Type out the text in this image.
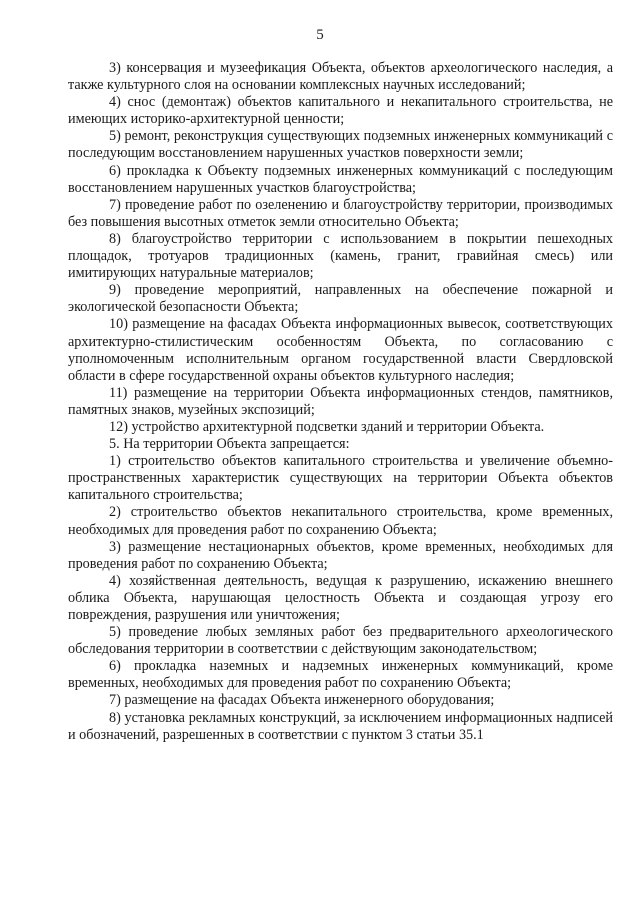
5

3) консервация и музеефикация Объекта, объектов археологического наследия, а также культурного слоя на основании комплексных научных исследований;

4) снос (демонтаж) объектов капитального и некапитального строительства, не имеющих историко-архитектурной ценности;

5) ремонт, реконструкция существующих подземных инженерных коммуникаций с последующим восстановлением нарушенных участков поверхности земли;

6) прокладка к Объекту подземных инженерных коммуникаций с последующим восстановлением нарушенных участков благоустройства;

7) проведение работ по озеленению и благоустройству территории, производимых без повышения высотных отметок земли относительно Объекта;

8) благоустройство территории с использованием в покрытии пешеходных площадок, тротуаров традиционных (камень, гранит, гравийная смесь) или имитирующих натуральные материалов;

9) проведение мероприятий, направленных на обеспечение пожарной и экологической безопасности Объекта;

10) размещение на фасадах Объекта информационных вывесок, соответствующих архитектурно-стилистическим особенностям Объекта, по согласованию с уполномоченным исполнительным органом государственной власти Свердловской области в сфере государственной охраны объектов культурного наследия;

11) размещение на территории Объекта информационных стендов, памятников, памятных знаков, музейных экспозиций;

12) устройство архитектурной подсветки зданий и территории Объекта.

5. На территории Объекта запрещается:

1) строительство объектов капитального строительства и увеличение объемно-пространственных характеристик существующих на территории Объекта объектов капитального строительства;

2) строительство объектов некапитального строительства, кроме временных, необходимых для проведения работ по сохранению Объекта;

3) размещение нестационарных объектов, кроме временных, необходимых для проведения работ по сохранению Объекта;

4) хозяйственная деятельность, ведущая к разрушению, искажению внешнего облика Объекта, нарушающая целостность Объекта и создающая угрозу его повреждения, разрушения или уничтожения;

5) проведение любых земляных работ без предварительного археологического обследования территории в соответствии с действующим законодательством;

6) прокладка наземных и надземных инженерных коммуникаций, кроме временных, необходимых для проведения работ по сохранению Объекта;

7) размещение на фасадах Объекта инженерного оборудования;

8) установка рекламных конструкций, за исключением информационных надписей и обозначений, разрешенных в соответствии с пунктом 3 статьи 35.1
